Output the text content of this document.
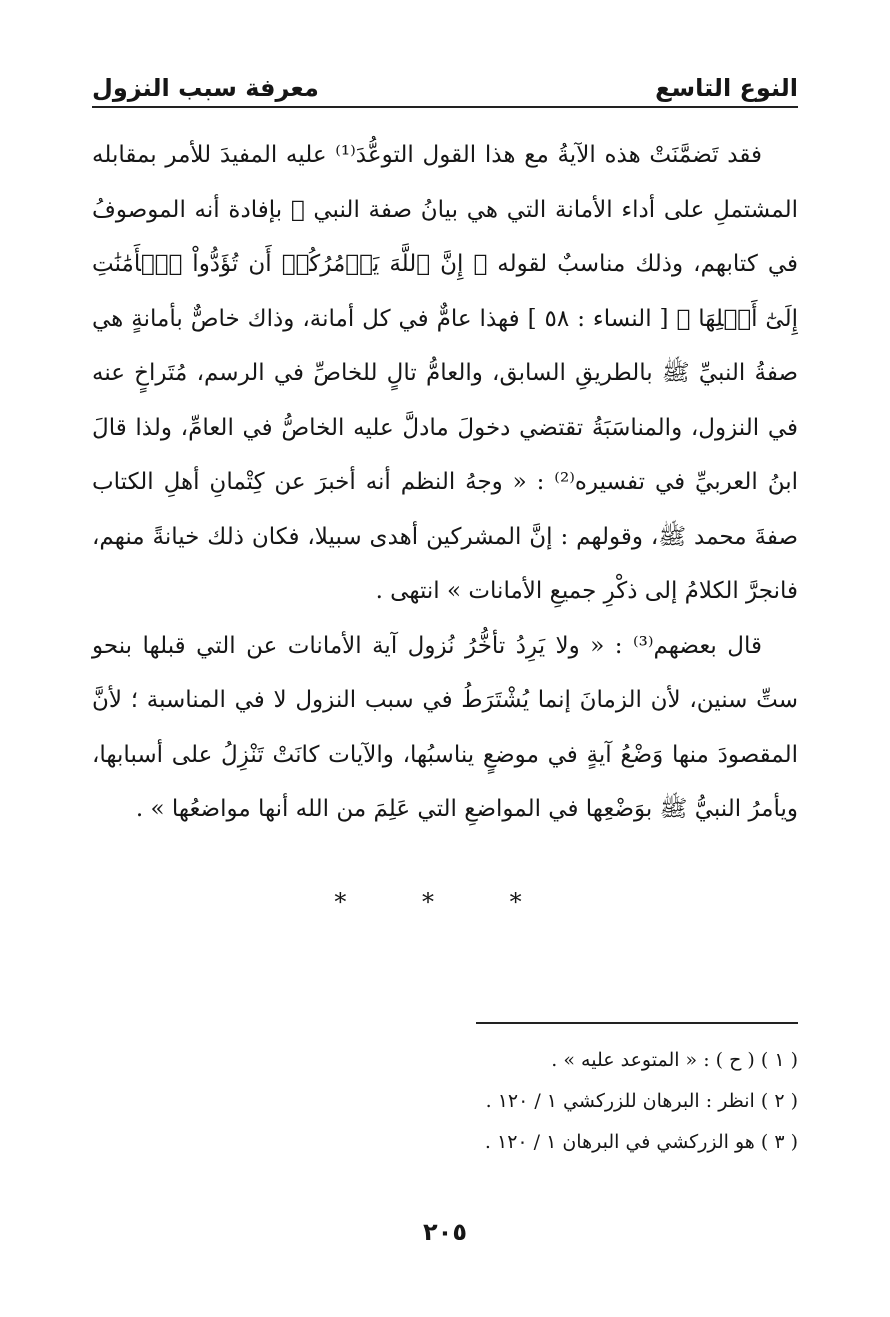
النوع التاسع
معرفة سبب النزول

فقد تَضمَّنَتْ هذه الآيةُ مع هذا القول التوعُّدَ⁽¹⁾ عليه المفيدَ للأمر بمقابله المشتملِ على أداء الأمانة التي هي بيانُ صفة النبي ﷺ بإفادة أنه الموصوفُ في كتابهم، وذلك مناسبٌ لقوله ﴿ إِنَّ ٱللَّهَ يَأۡمُرُكُمۡ أَن تُؤَدُّواْ ٱلۡأَمَٰنَٰتِ إِلَىٰٓ أَهۡلِهَا ﴾ [ النساء : ٥٨ ] فهذا عامٌّ في كل أمانة، وذاك خاصٌّ بأمانةٍ هي صفةُ النبيِّ ﷺ بالطريقِ السابق، والعامُّ تالٍ للخاصِّ في الرسم، مُتَراخٍ عنه في النزول، والمناسَبَةُ تقتضي دخولَ مادلَّ عليه الخاصُّ في العامِّ، ولذا قالَ ابنُ العربيِّ في تفسيره⁽²⁾ : « وجهُ النظم أنه أخبرَ عن كِتْمانِ أهلِ الكتاب صفةَ محمد ﷺ، وقولهم : إنَّ المشركين أهدى سبيلا، فكان ذلك خيانةً منهم، فانجرَّ الكلامُ إلى ذكْرِ جميعِ الأمانات » انتهى .

قال بعضهم⁽³⁾ : « ولا يَرِدُ تأخُّرُ نُزول آية الأمانات عن التي قبلها بنحو ستِّ سنين، لأن الزمانَ إنما يُشْتَرَطُ في سبب النزول لا في المناسبة ؛ لأنَّ المقصودَ منها وَضْعُ آيةٍ في موضعٍ يناسبُها، والآيات كانَتْ تَنْزِلُ على أسبابها، ويأمرُ النبيُّ ﷺ بوَضْعِها في المواضعِ التي عَلِمَ من الله أنها مواضعُها » .

* * *
( ١ ) ( ح ) : « المتوعد عليه » .
( ٢ ) انظر : البرهان للزركشي ١ / ١٢٠ .
( ٣ ) هو الزركشي في البرهان ١ / ١٢٠ .
٢٠٥
